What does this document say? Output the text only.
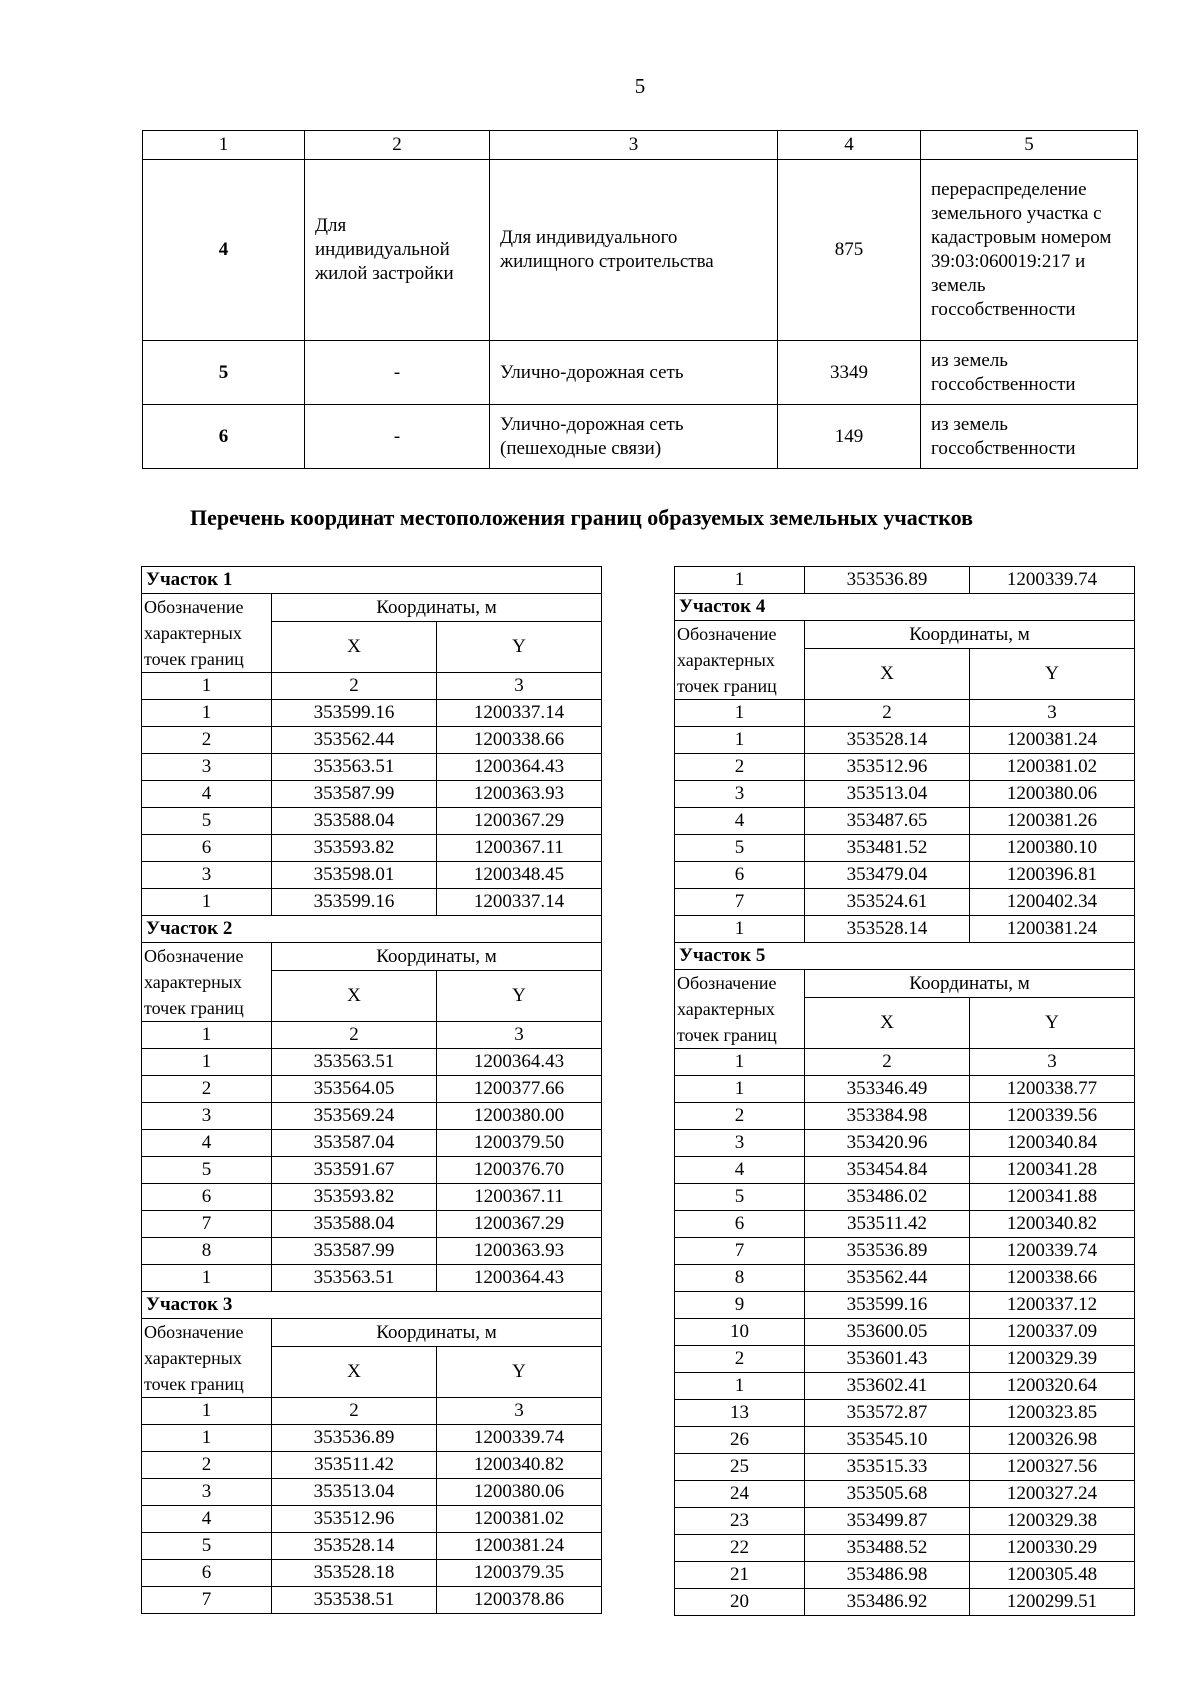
5
1	2	3	4	5
4	Для индивидуальной жилой застройки	Для индивидуального жилищного строительства	875	перераспределение земельного участка с кадастровым номером 39:03:060019:217 и земель госсобственности
5	-	Улично-дорожная сеть	3349	из земель госсобственности
6	-	Улично-дорожная сеть (пешеходные связи)	149	из земель госсобственности
Перечень координат местоположения границ образуемых земельных участков
Участок 1		
Обозначение характерных точек границ	Координаты, м	
	X	Y
1	2	3
1	353599.16	1200337.14
2	353562.44	1200338.66
3	353563.51	1200364.43
4	353587.99	1200363.93
5	353588.04	1200367.29
6	353593.82	1200367.11
3	353598.01	1200348.45
1	353599.16	1200337.14
Участок 2		
Обозначение характерных точек границ	Координаты, м	
	X	Y
1	2	3
1	353563.51	1200364.43
2	353564.05	1200377.66
3	353569.24	1200380.00
4	353587.04	1200379.50
5	353591.67	1200376.70
6	353593.82	1200367.11
7	353588.04	1200367.29
8	353587.99	1200363.93
1	353563.51	1200364.43
Участок 3		
Обозначение характерных точек границ	Координаты, м	
	X	Y
1	2	3
1	353536.89	1200339.74
2	353511.42	1200340.82
3	353513.04	1200380.06
4	353512.96	1200381.02
5	353528.14	1200381.24
6	353528.18	1200379.35
7	353538.51	1200378.86
1	353536.89	1200339.74
Участок 4		
Обозначение характерных точек границ	Координаты, м	
	X	Y
1	2	3
1	353528.14	1200381.24
2	353512.96	1200381.02
3	353513.04	1200380.06
4	353487.65	1200381.26
5	353481.52	1200380.10
6	353479.04	1200396.81
7	353524.61	1200402.34
1	353528.14	1200381.24
Участок 5		
Обозначение характерных точек границ	Координаты, м	
	X	Y
1	2	3
1	353346.49	1200338.77
2	353384.98	1200339.56
3	353420.96	1200340.84
4	353454.84	1200341.28
5	353486.02	1200341.88
6	353511.42	1200340.82
7	353536.89	1200339.74
8	353562.44	1200338.66
9	353599.16	1200337.12
10	353600.05	1200337.09
2	353601.43	1200329.39
1	353602.41	1200320.64
13	353572.87	1200323.85
26	353545.10	1200326.98
25	353515.33	1200327.56
24	353505.68	1200327.24
23	353499.87	1200329.38
22	353488.52	1200330.29
21	353486.98	1200305.48
20	353486.92	1200299.51
